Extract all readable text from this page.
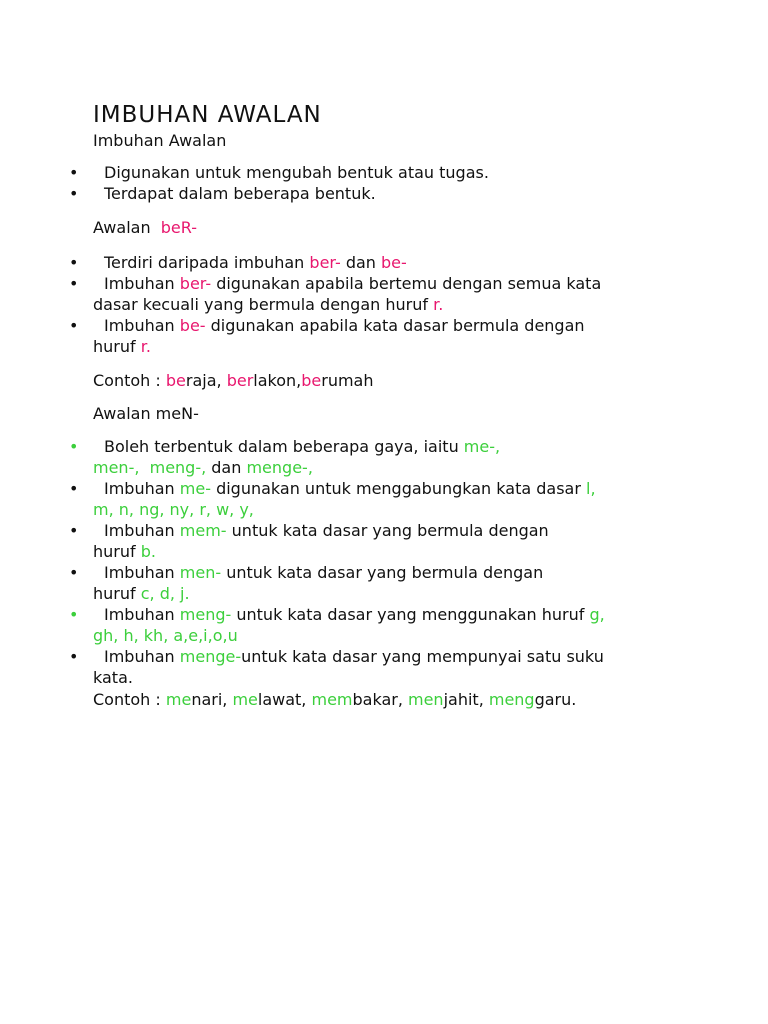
IMBUHAN AWALAN
Imbuhan Awalan
• Digunakan untuk mengubah bentuk atau tugas.
• Terdapat dalam beberapa bentuk.
Awalan beR-
• Terdiri daripada imbuhan ber- dan be-
• Imbuhan ber- digunakan apabila bertemu dengan semua kata
dasar kecuali yang bermula dengan huruf r.
• Imbuhan be- digunakan apabila kata dasar bermula dengan
huruf r.
Contoh : beraja, berlakon,berumah
Awalan meN-
• Boleh terbentuk dalam beberapa gaya, iaitu me-,
men-,  meng-, dan menge-,
• Imbuhan me- digunakan untuk menggabungkan kata dasar l,
m, n, ng, ny, r, w, y,
• Imbuhan mem- untuk kata dasar yang bermula dengan
huruf b.
• Imbuhan men- untuk kata dasar yang bermula dengan
huruf c, d, j.
• Imbuhan meng- untuk kata dasar yang menggunakan huruf g,
gh, h, kh, a,e,i,o,u
• Imbuhan menge-untuk kata dasar yang mempunyai satu suku
kata.
Contoh : menari, melawat, membakar, menjahit, menggaru.
